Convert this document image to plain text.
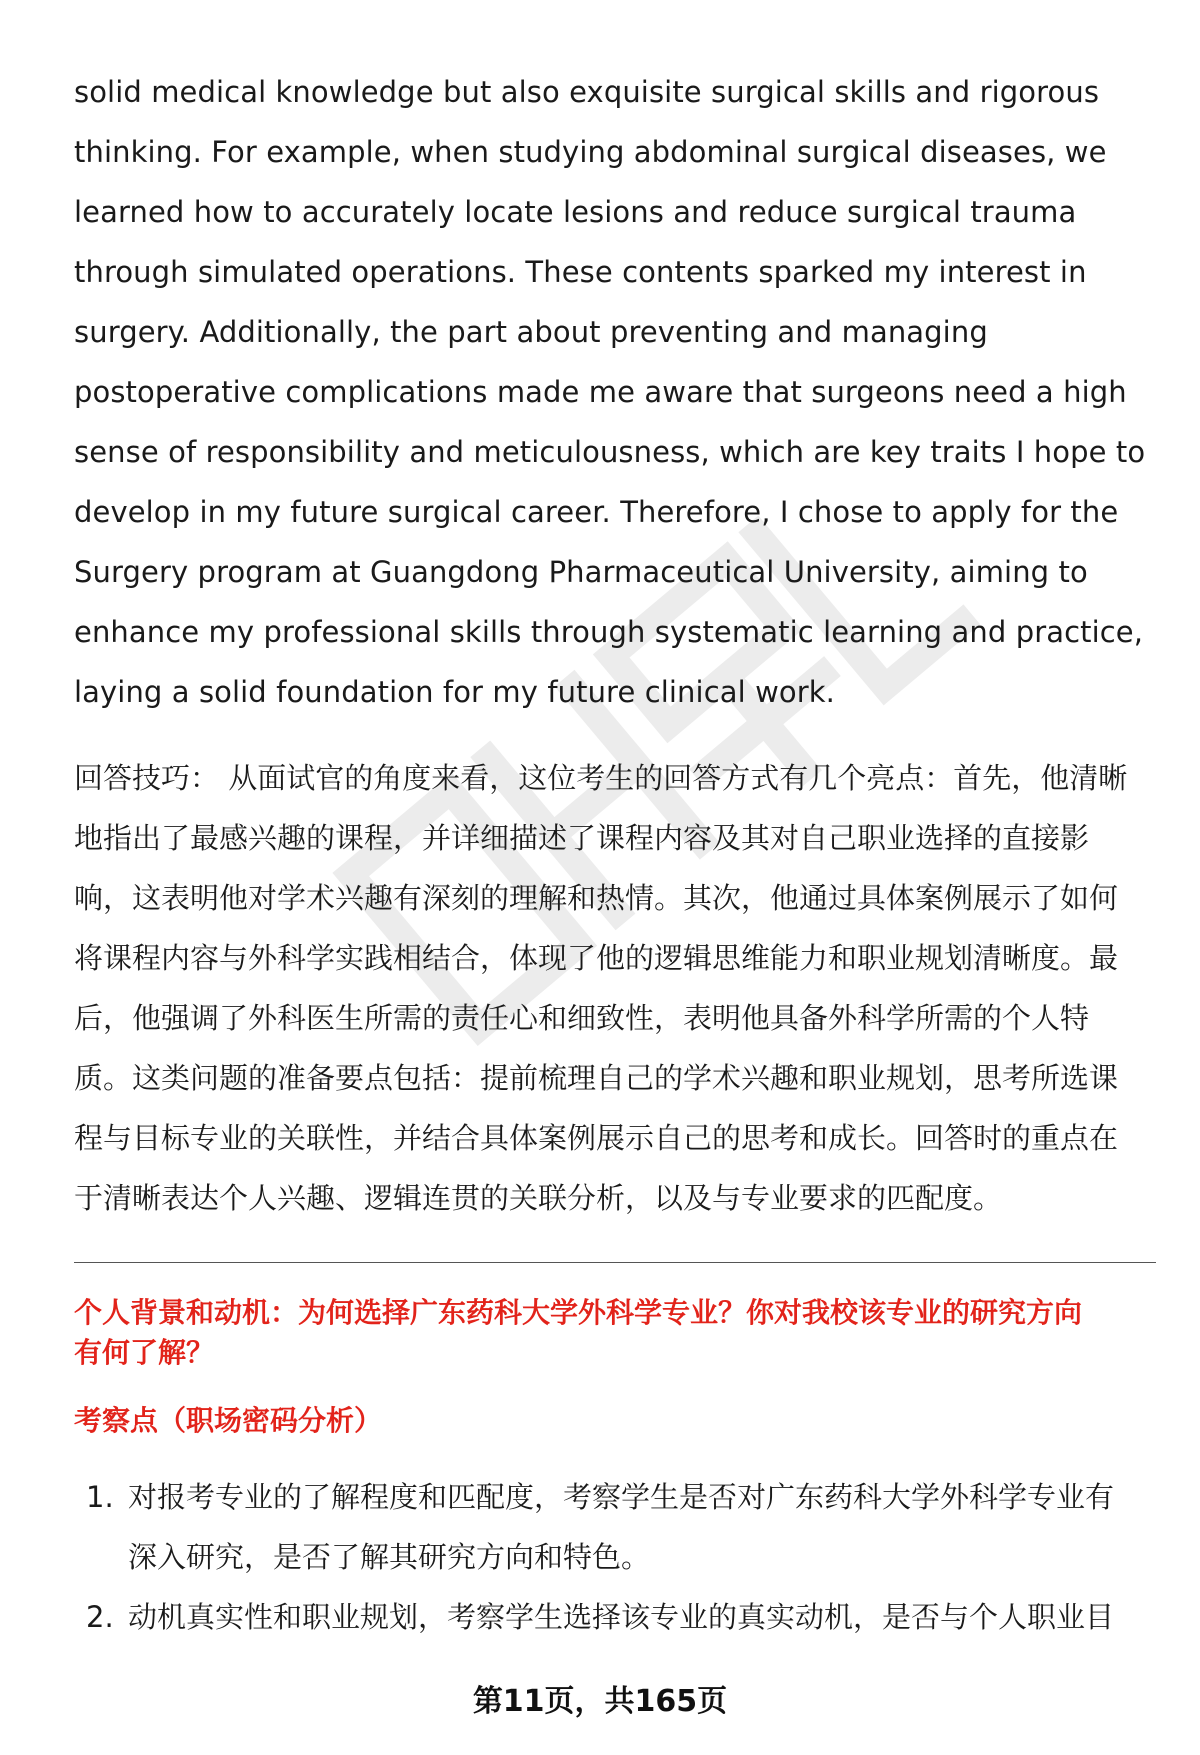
solid medical knowledge but also exquisite surgical skills and rigorous
thinking. For example, when studying abdominal surgical diseases, we
learned how to accurately locate lesions and reduce surgical trauma
through simulated operations. These contents sparked my interest in
surgery. Additionally, the part about preventing and managing
postoperative complications made me aware that surgeons need a high
sense of responsibility and meticulousness, which are key traits I hope to
develop in my future surgical career. Therefore, I chose to apply for the
Surgery program at Guangdong Pharmaceutical University, aiming to
enhance my professional skills through systematic learning and practice,
laying a solid foundation for my future clinical work.
回答技巧： 从面试官的角度来看，这位考生的回答方式有几个亮点：首先，他清晰
地指出了最感兴趣的课程，并详细描述了课程内容及其对自己职业选择的直接影
响，这表明他对学术兴趣有深刻的理解和热情。其次，他通过具体案例展示了如何
将课程内容与外科学实践相结合，体现了他的逻辑思维能力和职业规划清晰度。最
后，他强调了外科医生所需的责任心和细致性，表明他具备外科学所需的个人特
质。这类问题的准备要点包括：提前梳理自己的学术兴趣和职业规划，思考所选课
程与目标专业的关联性，并结合具体案例展示自己的思考和成长。回答时的重点在
于清晰表达个人兴趣、逻辑连贯的关联分析，以及与专业要求的匹配度。
个人背景和动机：为何选择广东药科大学外科学专业？你对我校该专业的研究方向
有何了解？
考察点（职场密码分析）
1. 对报考专业的了解程度和匹配度，考察学生是否对广东药科大学外科学专业有
深入研究，是否了解其研究方向和特色。
2. 动机真实性和职业规划，考察学生选择该专业的真实动机，是否与个人职业目
第11页，共165页
